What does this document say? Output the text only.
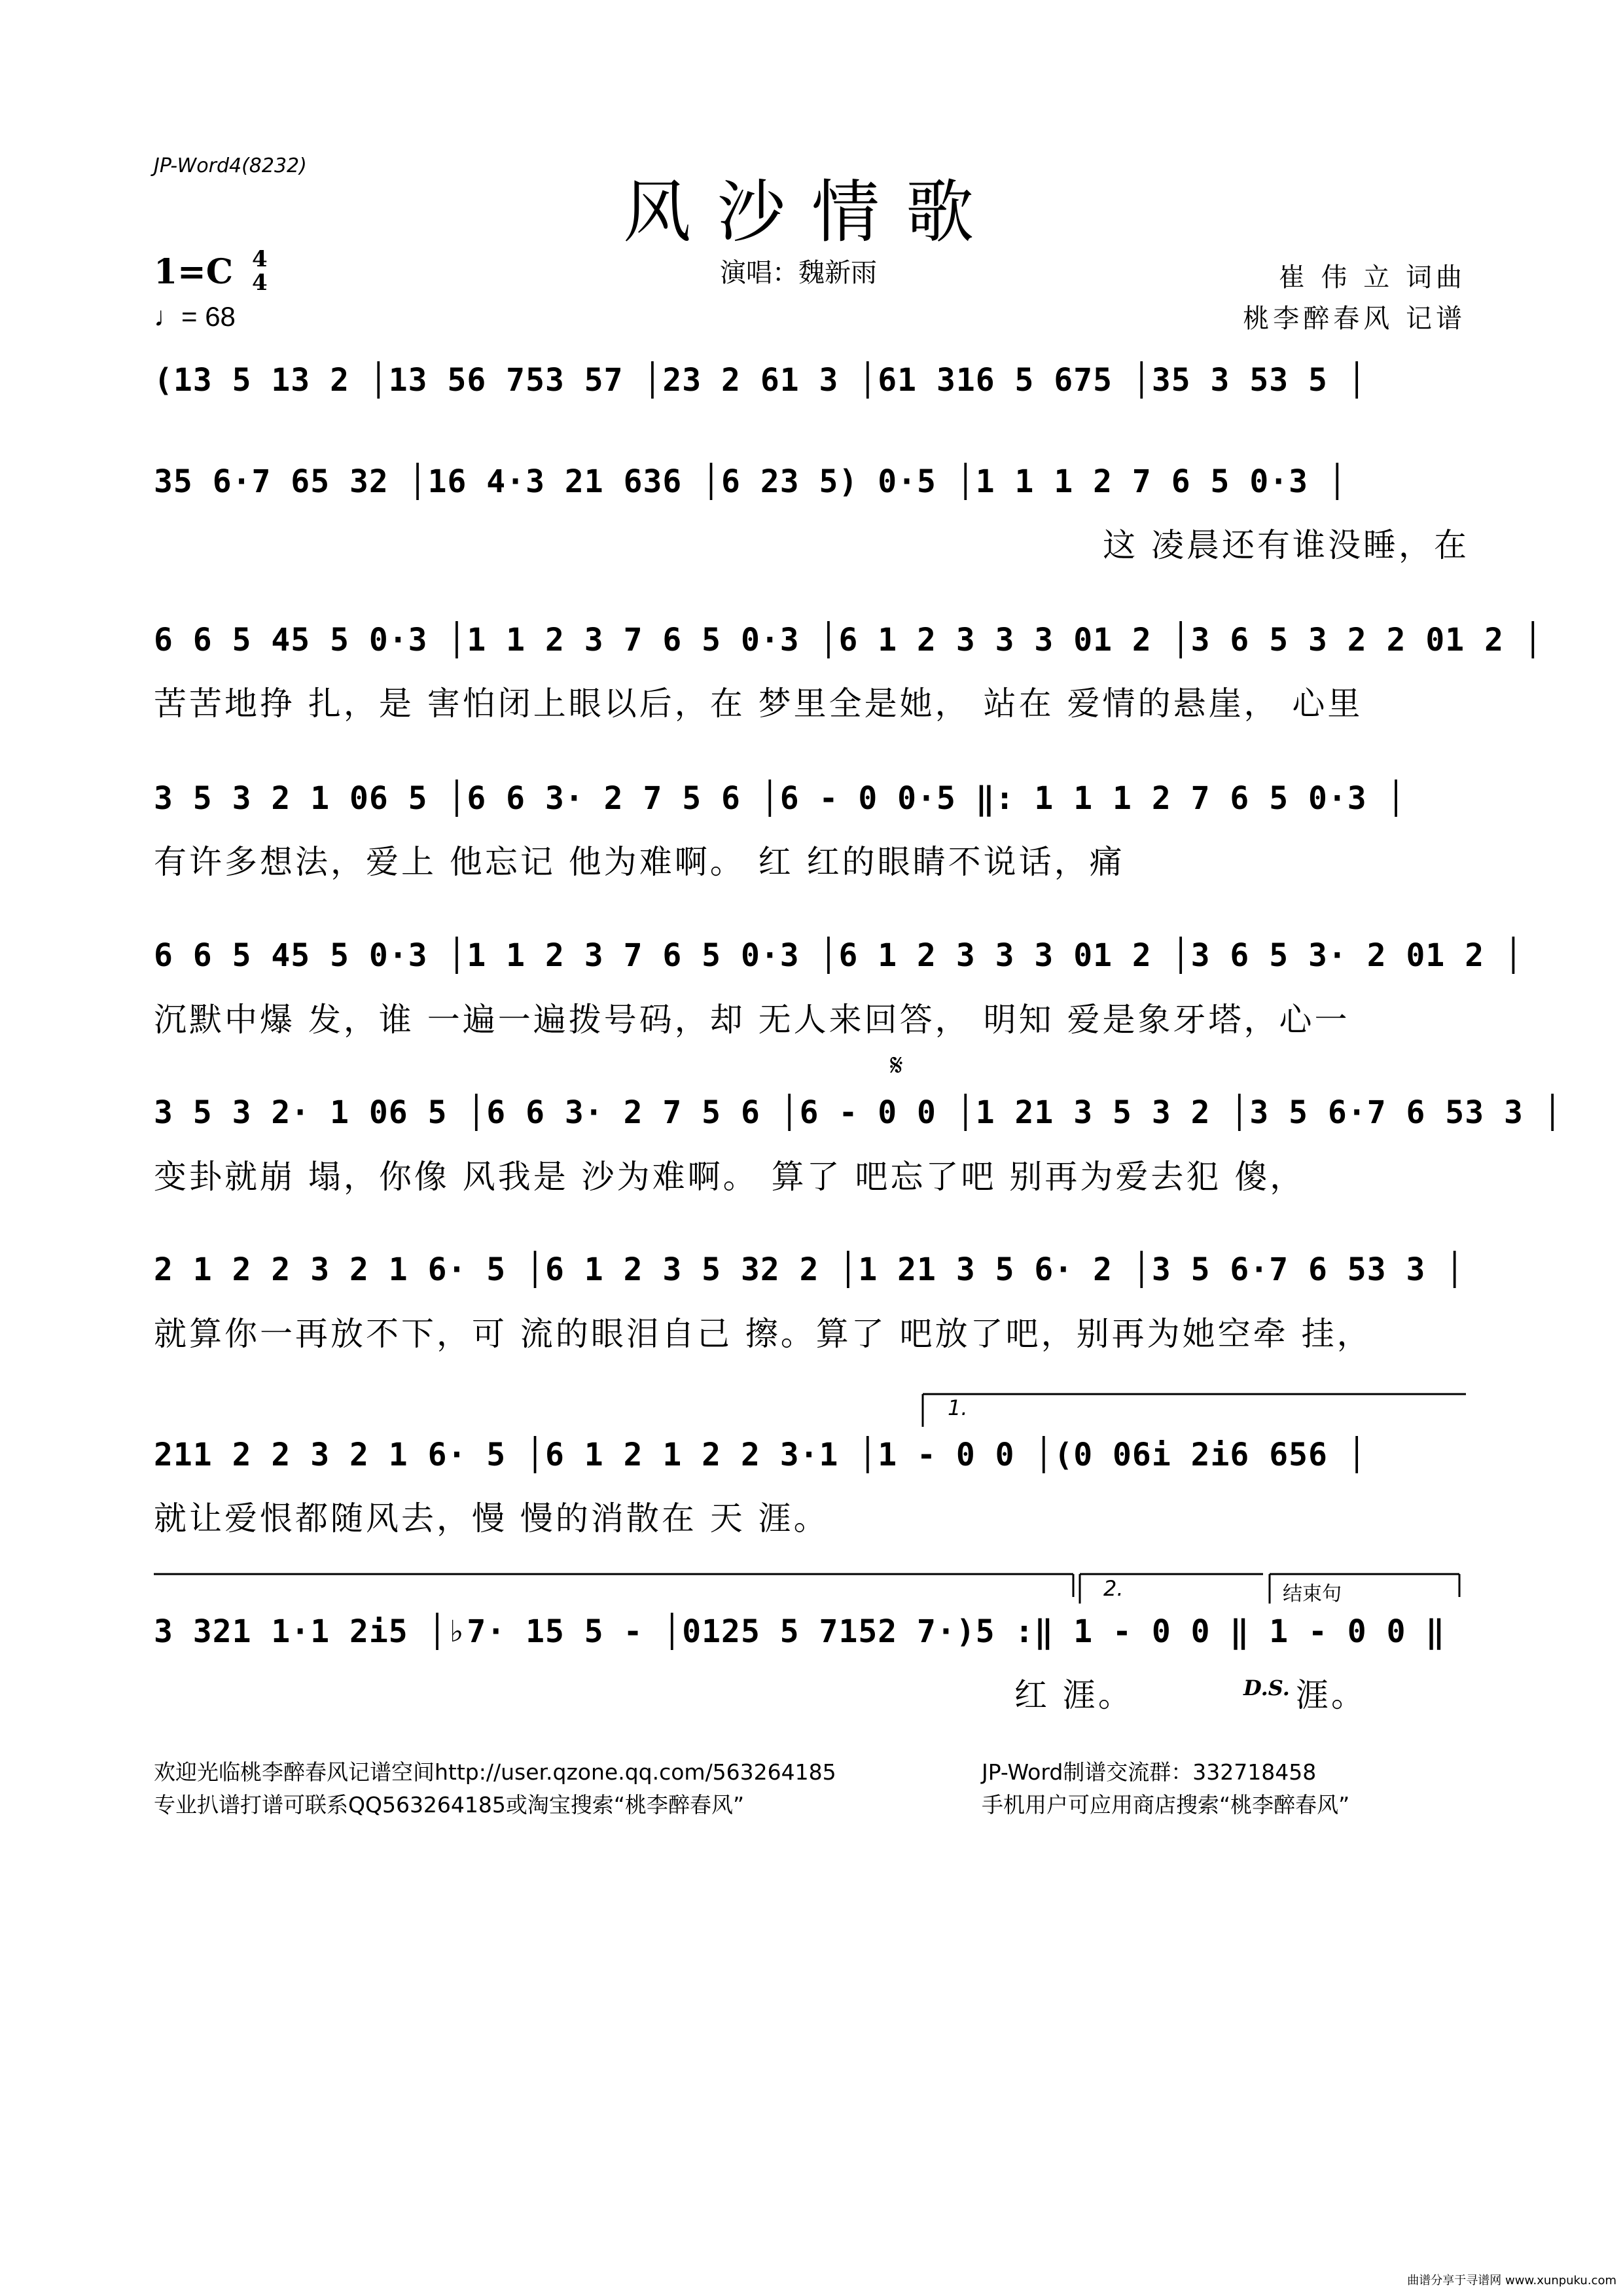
JP-Word4(8232)
风沙情歌
1=C 4
4
♩= 68
演唱：魏新雨	崔 伟 立 词曲
桃李醉春风 记谱
(13 5 13 2 │13 56 753 57 │23 2 61 3 │61 316 5 675 │35 3 53 5 │
35 6·7 65 32 │16 4·3 21 636 │6 23 5) 0·5 │1 1 1 2 7 6 5 0·3 │
这 凌晨还有谁没睡，在
6 6 5 45 5 0·3 │1 1 2 3 7 6 5 0·3 │6 1 2 3 3 3 01 2 │3 6 5 3 2 2 01 2 │
苦苦地挣 扎，是 害怕闭上眼以后，在 梦里全是她， 站在 爱情的悬崖， 心里
3 5 3 2 1 06 5 │6 6 3· 2 7 5 6 │6 - 0 0·5 ‖: 1 1 1 2 7 6 5 0·3 │
有许多想法，爱上 他忘记 他为难啊。 红 红的眼睛不说话，痛
6 6 5 45 5 0·3 │1 1 2 3 7 6 5 0·3 │6 1 2 3 3 3 01 2 │3 6 5 3· 2 01 2 │
沉默中爆 发，谁 一遍一遍拨号码，却 无人来回答， 明知 爱是象牙塔，心一
𝄋
3 5 3 2· 1 06 5 │6 6 3· 2 7 5 6 │6 - 0 0 │1 21 3 5 3 2 │3 5 6·7 6 53 3 │
变卦就崩 塌，你像 风我是 沙为难啊。 算了 吧忘了吧 别再为爱去犯 傻，
2 1 2 2 3 2 1 6· 5 │6 1 2 3 5 32 2 │1 21 3 5 6· 2 │3 5 6·7 6 53 3 │
就算你一再放不下，可 流的眼泪自己 擦。算了 吧放了吧，别再为她空牵 挂，
1.
211 2 2 3 2 1 6· 5 │6 1 2 1 2 2 3·1 │1 - 0 0 │(0 06i 2i6 656 │
就让爱恨都随风去，慢 慢的消散在 天 涯。
2.	结束句
3 321 1·1 2i5 │♭7· 15 5 - │0125 5 7152 7·)5 :‖ 1 - 0 0 ‖ 1 - 0 0 ‖
红 涯。	D.S. 涯。
欢迎光临桃李醉春风记谱空间http://user.qzone.qq.com/563264185	JP-Word制谱交流群：332718458
专业扒谱打谱可联系QQ563264185或淘宝搜索“桃李醉春风”	手机用户可应用商店搜索“桃李醉春风”
曲谱分享于寻谱网 www.xunpuku.com
